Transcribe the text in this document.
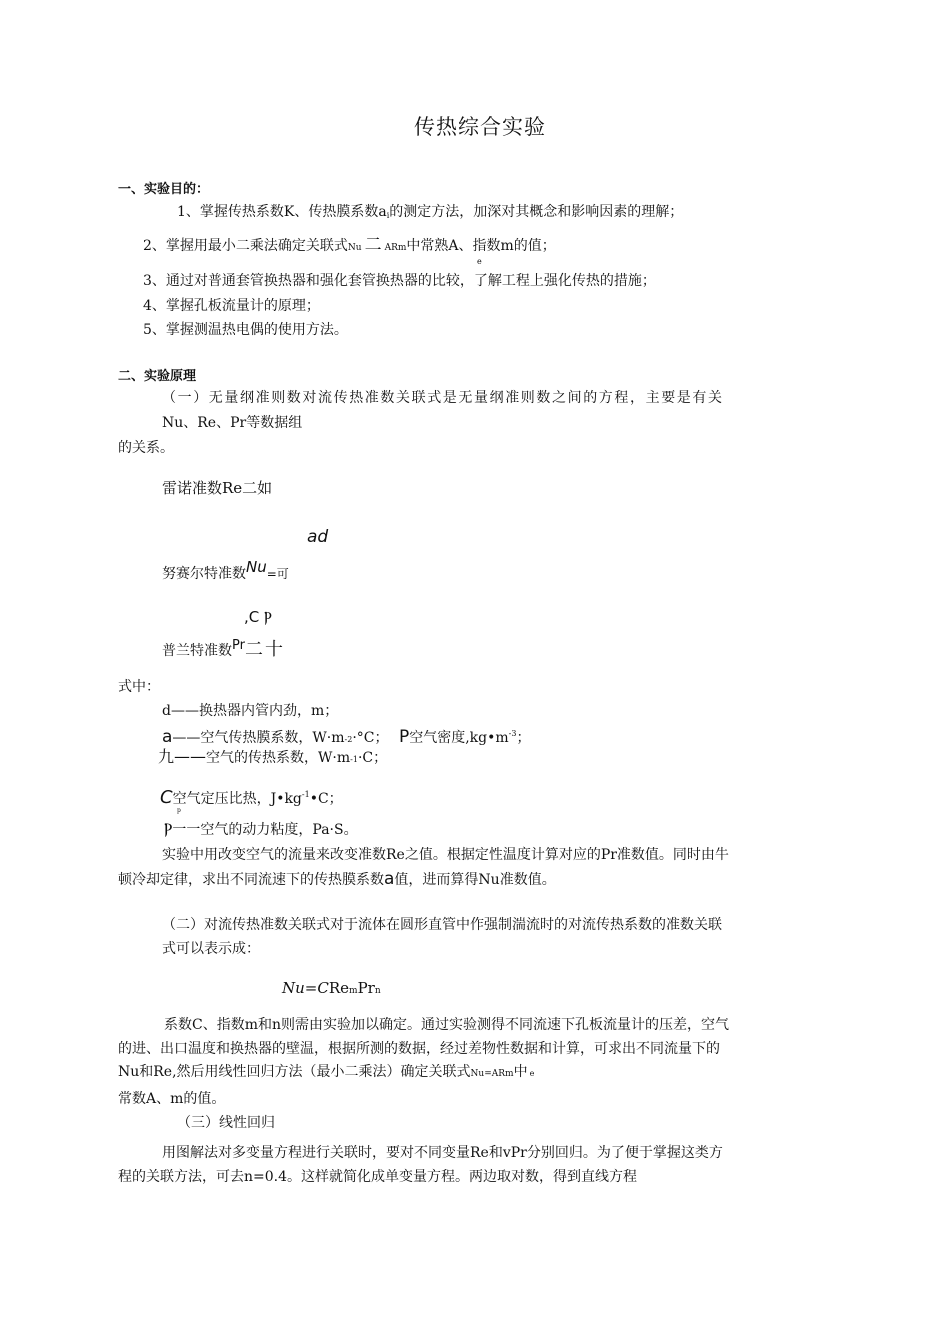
传热综合实验
一、实验目的：
1、掌握传热系数K、传热膜系数ai的测定方法，加深对其概念和影响因素的理解；
2、掌握用最小二乘法确定关联式Nu 二 ARm中常熟A、指数m的值；
e
3、通过对普通套管换热器和强化套管换热器的比较，了解工程上强化传热的措施；
4、掌握孔板流量计的原理；
5、掌握测温热电偶的使用方法。
二、实验原理
（一）无量纲准则数对流传热准数关联式是无量纲准则数之间的方程，主要是有关
Nu、Re、Pr等数据组
的关系。
雷诺准数Re二如
ad
努赛尔特准数Nu=可
,C Ⲣ
普兰特准数Pr二十
式中：
d——换热器内管内劲，m；
a——空气传热膜系数，W·m-2·°C； P空气密度$,kg•m^{-3}$；
九——空气的传热系数，W·m-1·C；
C空气定压比热，$J•kg^{-1}•C$；
p
Ⲣ一一空气的动力粘度，Pa·S。
实验中用改变空气的流量来改变准数Re之值。根据定性温度计算对应的Pr准数值。同时由牛
顿冷却定律，求出不同流速下的传热膜系数a值，进而算得Nu准数值。
（二）对流传热准数关联式对于流体在圆形直管中作强制湍流时的对流传热系数的准数关联
式可以表示成：
Nu=CRemPrn
系数C、指数m和n则需由实验加以确定。通过实验测得不同流速下孔板流量计的压差，空气
的进、出口温度和换热器的壁温，根据所测的数据，经过差物性数据和计算，可求出不同流量下的
Nu和Re,然后用线性回归方法（最小二乘法）确定关联式Nu=ARm中 e
常数A、m的值。
（三）线性回归
用图解法对多变量方程进行关联时，要对不同变量Re和vPr分别回归。为了便于掌握这类方
程的关联方法，可去n=0.4。这样就简化成单变量方程。两边取对数，得到直线方程
